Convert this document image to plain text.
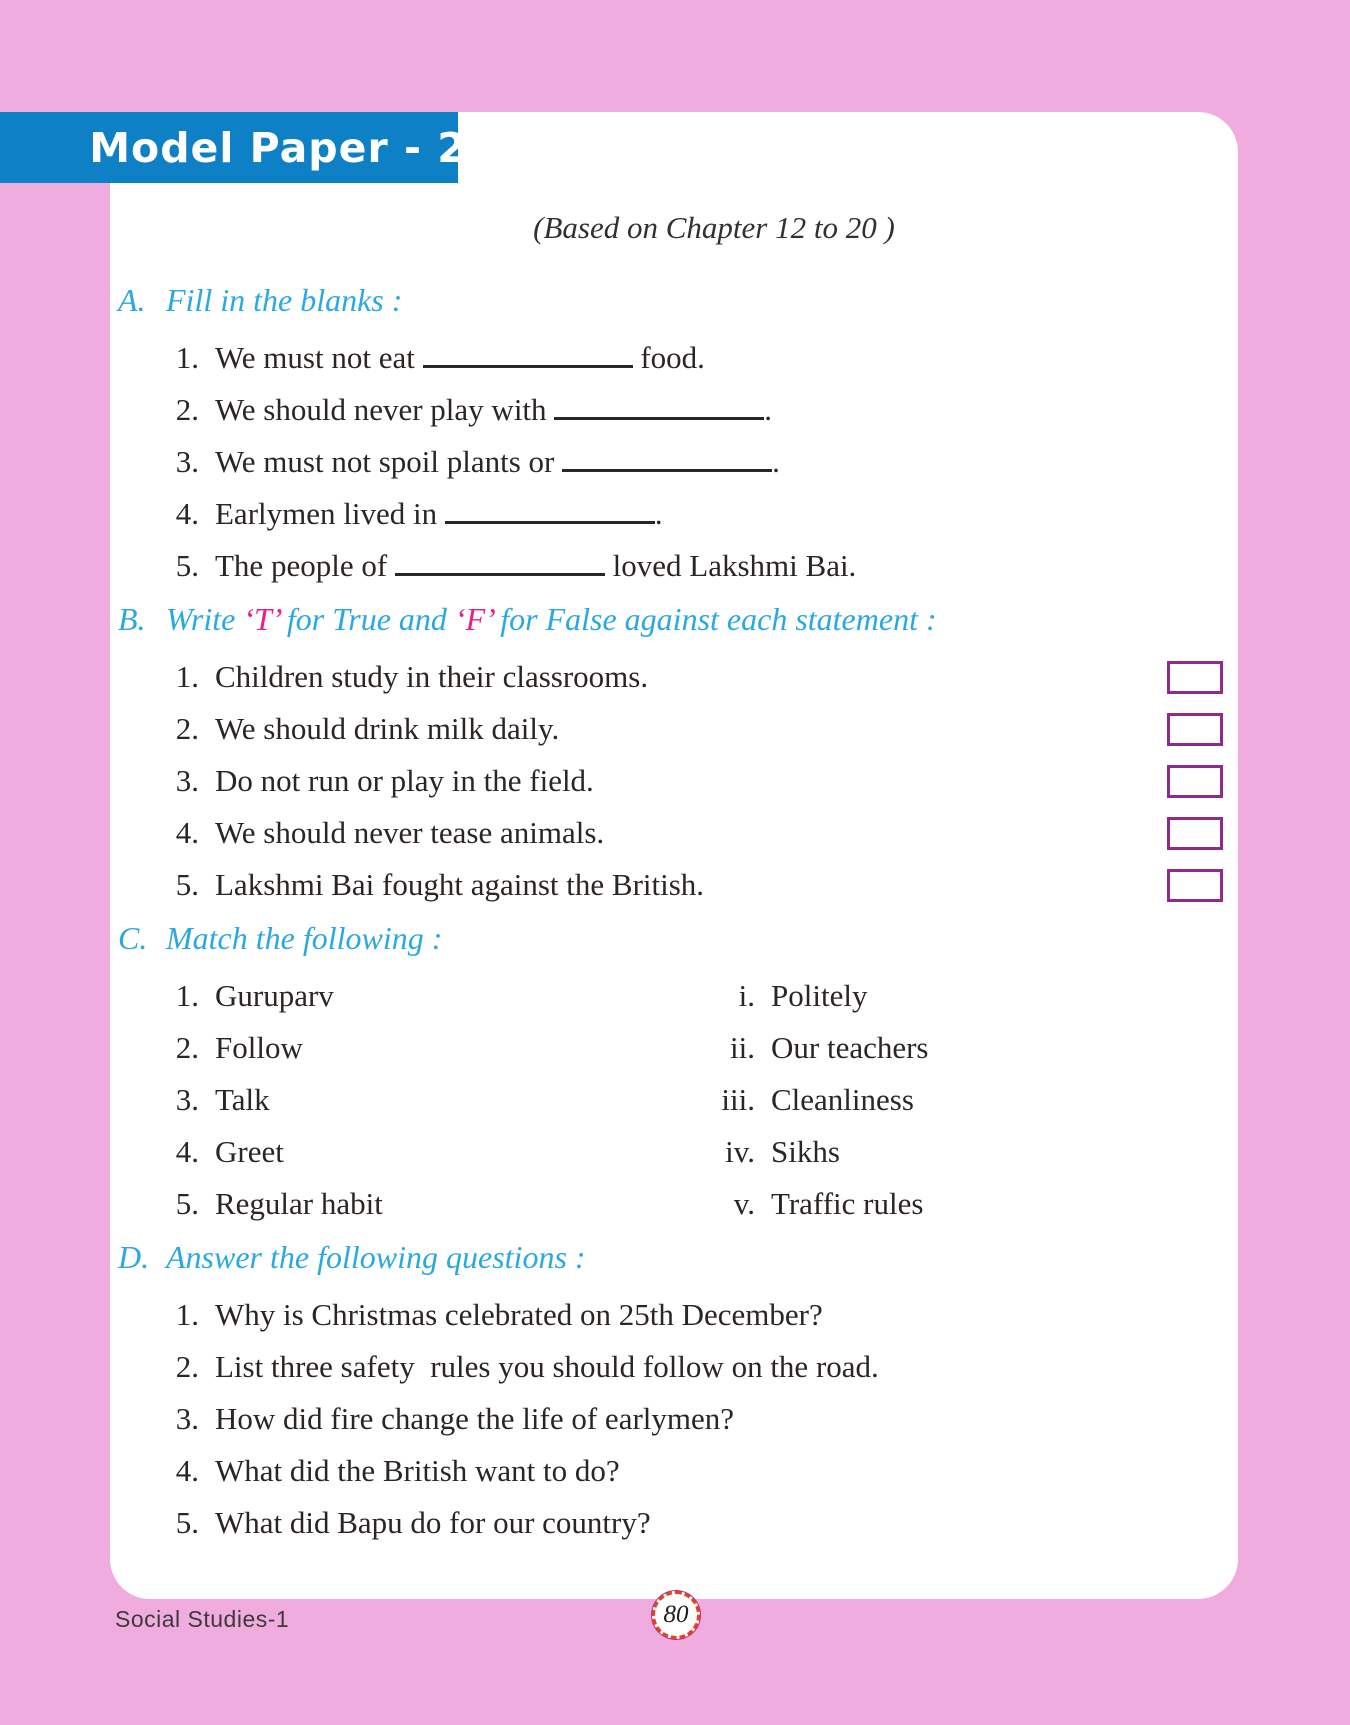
(Based on Chapter 12 to 20 )
A. Fill in the blanks :
1. We must not eat	food.
2. We should never play with	.
3. We must not spoil plants or	.
4. Earlymen lived in	.
5. The people of	loved Lakshmi Bai.
B. Write ‘T’ for True and ‘F’ for False against each statement :
1. Children study in their classrooms.
2. We should drink milk daily.
3. Do not run or play in the field.
4. We should never tease animals.
5. Lakshmi Bai fought against the British.
C. Match the following :
1. Guruparv	i. Politely
2. Follow	ii. Our teachers
3. Talk	iii. Cleanliness
4. Greet	iv. Sikhs
5. Regular habit	v. Traffic rules
D. Answer the following questions :
1. Why is Christmas celebrated on 25th December?
2. List three safety  rules you should follow on the road.
3. How did fire change the life of earlymen?
4. What did the British want to do?
5. What did Bapu do for our country?
Model Paper - 2
Social Studies-1	80
